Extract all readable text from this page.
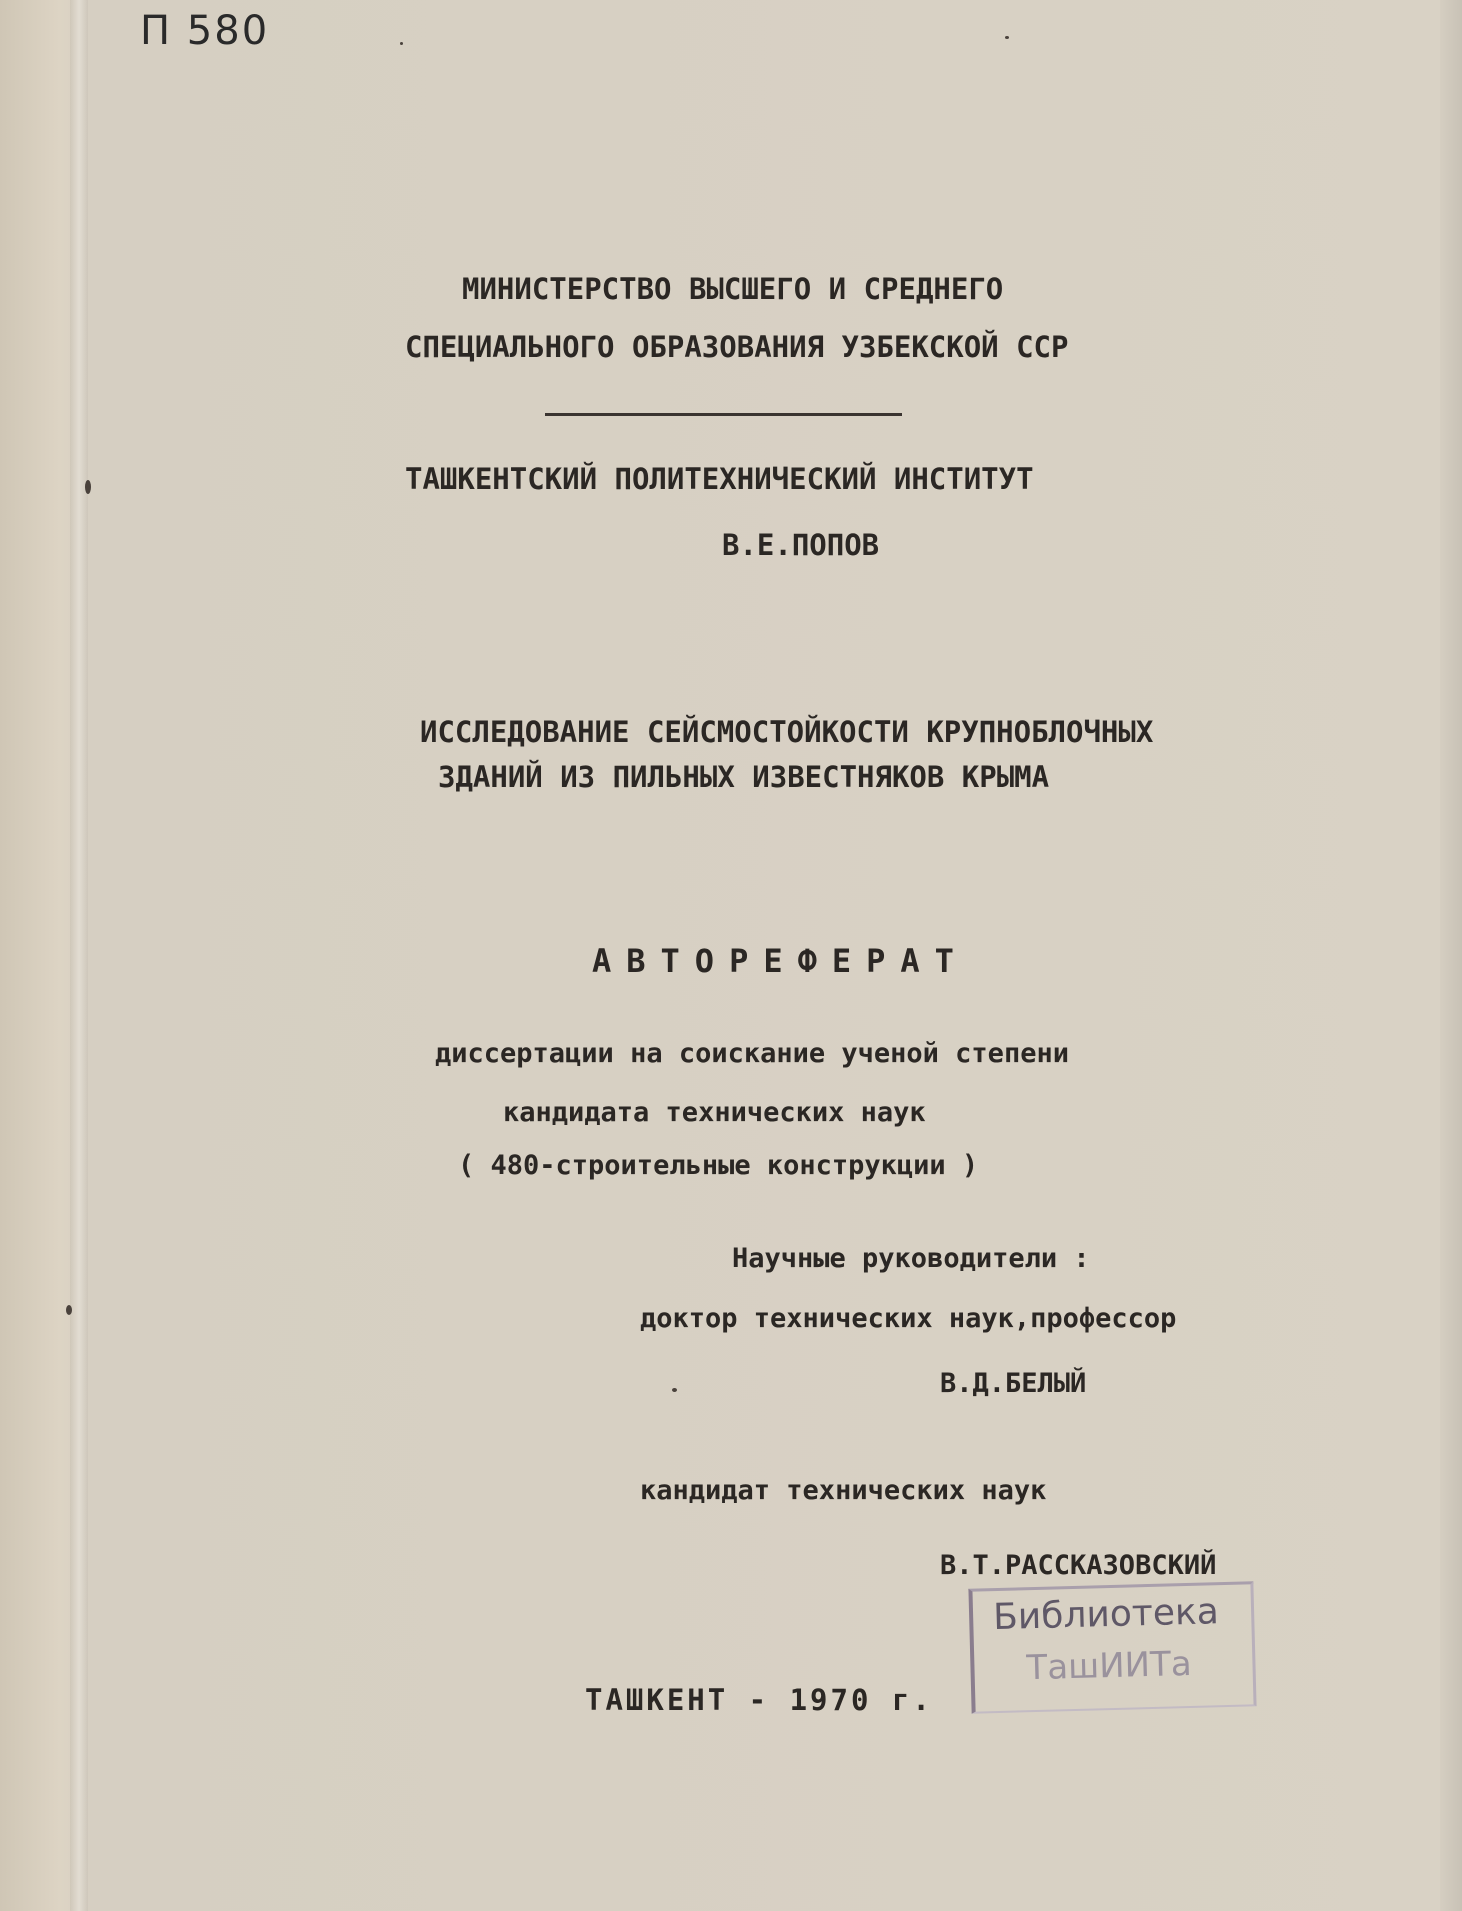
П 580
МИНИСТЕРСТВО ВЫСШЕГО И СРЕДНЕГО
СПЕЦИАЛЬНОГО ОБРАЗОВАНИЯ УЗБЕКСКОЙ ССР
ТАШКЕНТСКИЙ ПОЛИТЕХНИЧЕСКИЙ ИНСТИТУТ
В.Е.ПОПОВ
ИССЛЕДОВАНИЕ СЕЙСМОСТОЙКОСТИ КРУПНОБЛОЧНЫХ
ЗДАНИЙ ИЗ ПИЛЬНЫХ ИЗВЕСТНЯКОВ КРЫМА
АВТОРЕФЕРАТ
диссертации на соискание ученой степени
кандидата технических наук
( 480-строительные конструкции )
Научные руководители :
доктор технических наук,профессор
В.Д.БЕЛЫЙ
кандидат технических наук
В.Т.РАССКАЗОВСКИЙ
Библиотека
ТашИИТа
ТАШКЕНТ - 1970 г.
